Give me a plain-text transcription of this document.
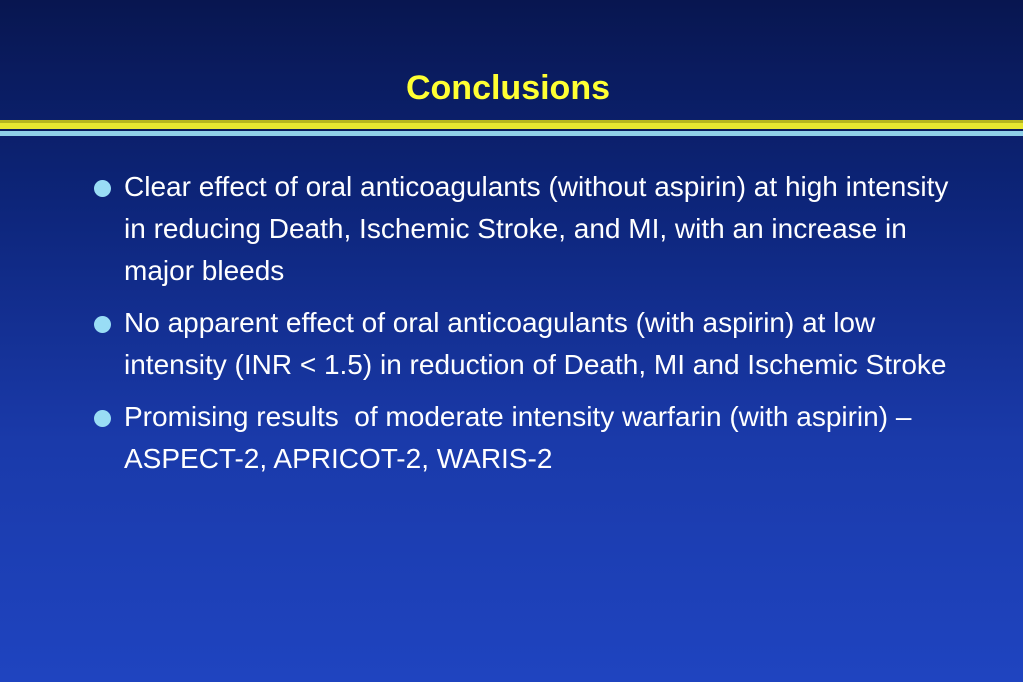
Conclusions
Clear effect of oral anticoagulants (without aspirin) at high intensity in reducing Death, Ischemic Stroke, and MI, with an increase in major bleeds
No apparent effect of oral anticoagulants (with aspirin) at low intensity (INR < 1.5) in reduction of Death, MI and Ischemic Stroke
Promising results  of moderate intensity warfarin (with aspirin) – ASPECT-2, APRICOT-2, WARIS-2
